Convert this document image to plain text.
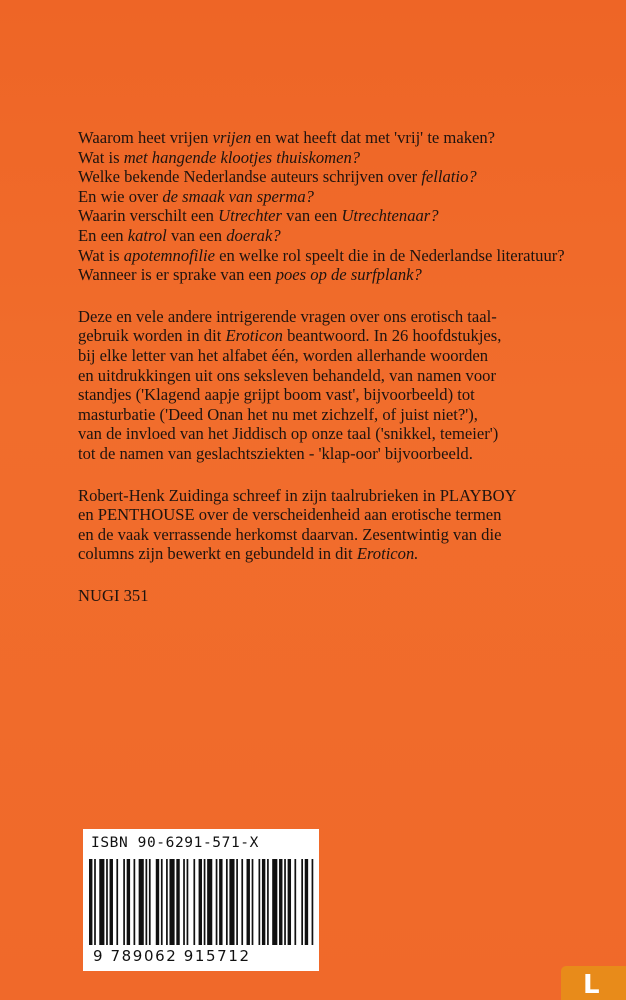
Waarom heet vrijen vrijen en wat heeft dat met 'vrij' te maken?
Wat is met hangende klootjes thuiskomen?
Welke bekende Nederlandse auteurs schrijven over fellatio?
En wie over de smaak van sperma?
Waarin verschilt een Utrechter van een Utrechtenaar?
En een katrol van een doerak?
Wat is apotemnofilie en welke rol speelt die in de Nederlandse literatuur?
Wanneer is er sprake van een poes op de surfplank?
Deze en vele andere intrigerende vragen over ons erotisch taal-
gebruik worden in dit Eroticon beantwoord. In 26 hoofdstukjes,
bij elke letter van het alfabet één, worden allerhande woorden
en uitdrukkingen uit ons seksleven behandeld, van namen voor
standjes ('Klagend aapje grijpt boom vast', bijvoorbeeld) tot
masturbatie ('Deed Onan het nu met zichzelf, of juist niet?'),
van de invloed van het Jiddisch op onze taal ('snikkel, temeier')
tot de namen van geslachtsziekten - 'klap-oor' bijvoorbeeld.
Robert-Henk Zuidinga schreef in zijn taalrubrieken in PLAYBOY
en PENTHOUSE over de verscheidenheid aan erotische termen
en de vaak verrassende herkomst daarvan. Zesentwintig van die
columns zijn bewerkt en gebundeld in dit Eroticon.
NUGI 351
ISBN 90-6291-571-X
9 789062 915712
L
